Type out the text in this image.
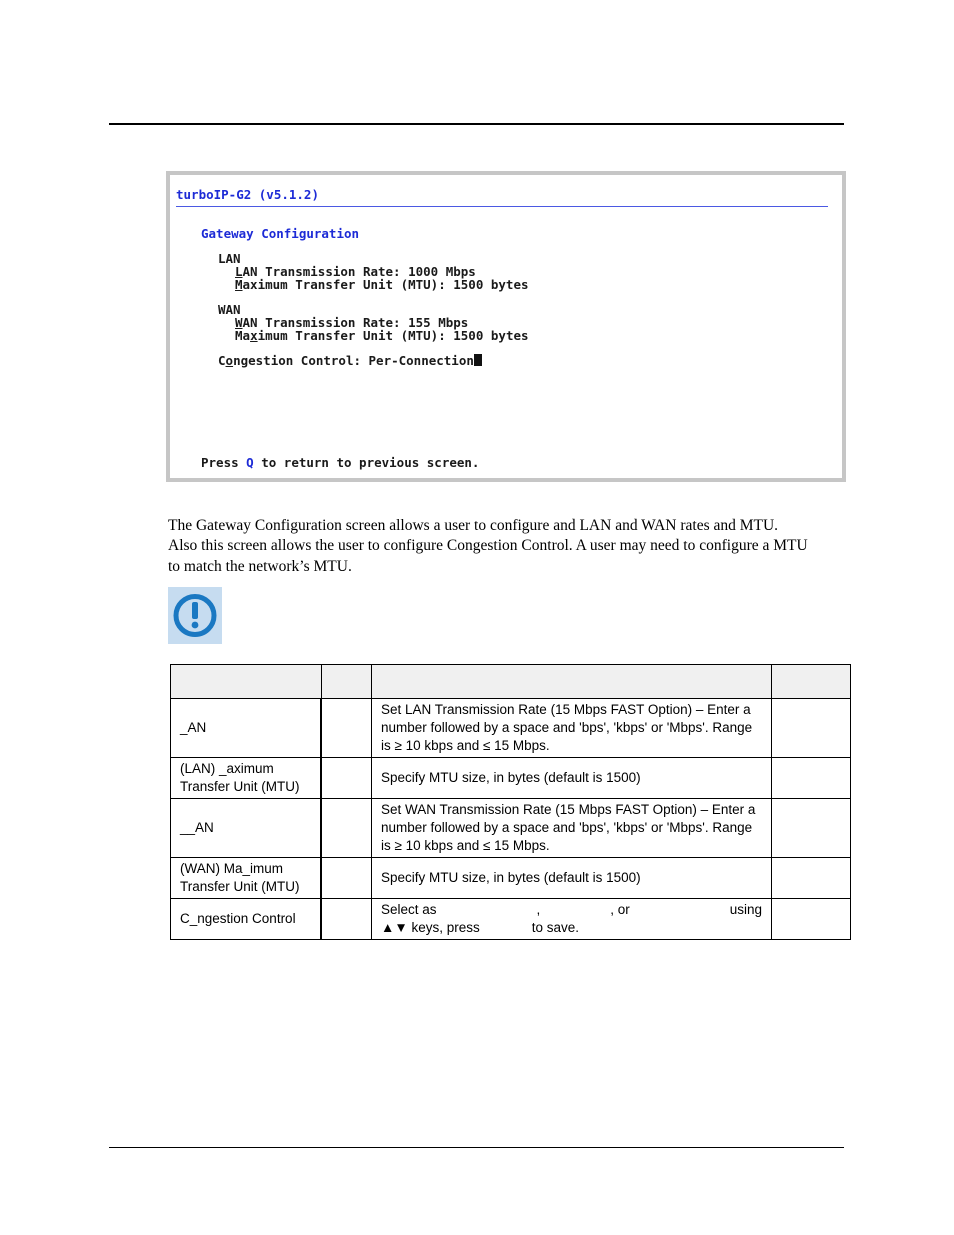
turboIP-G2 (v5.1.2)
Gateway Configuration
LAN
LAN Transmission Rate: 1000 Mbps
Maximum Transfer Unit (MTU): 1500 bytes
WAN
WAN Transmission Rate: 155 Mbps
Maximum Transfer Unit (MTU): 1500 bytes
Congestion Control: Per-Connection
Press Q to return to previous screen.

The Gateway Configuration screen allows a user to configure and LAN and WAN rates and MTU. Also this screen allows the user to configure Congestion Control. A user may need to configure a MTU to match the network’s MTU.

_AN		Set LAN Transmission Rate (15 Mbps FAST Option) – Enter a number followed by a space and 'bps', 'kbps' or 'Mbps'. Range is ≥ 10 kbps and ≤ 15 Mbps.	
(LAN) _aximum Transfer Unit (MTU)		Specify MTU size, in bytes (default is 1500)	
__AN		Set WAN Transmission Rate (15 Mbps FAST Option) – Enter a number followed by a space and 'bps', 'kbps' or 'Mbps'. Range is ≥ 10 kbps and ≤ 15 Mbps.	
(WAN) Ma_imum Transfer Unit (MTU)		Specify MTU size, in bytes (default is 1500)	
C_ngestion Control		Select as , , or using
▲▼ keys, press to save.	
